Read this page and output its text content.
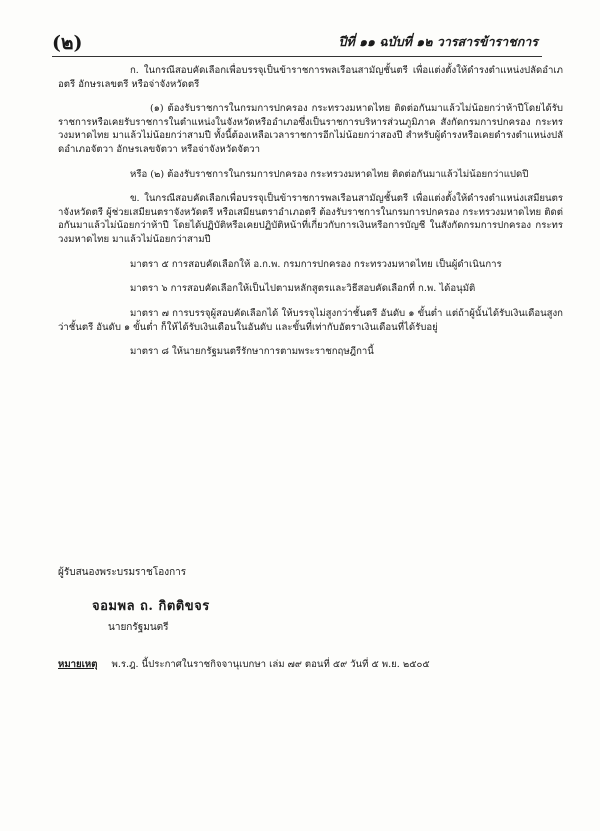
(๒)	ปีที่ ๑๑ ฉบับที่ ๑๒ วารสารข้าราชการ

ก. ในกรณีสอบคัดเลือกเพื่อบรรจุเป็นข้าราชการพลเรือนสามัญชั้นตรี เพื่อแต่งตั้งให้ดำรงตำแหน่งปลัดอำเภอตรี อักษรเลขตรี หรือจ่าจังหวัดตรี

(๑) ต้องรับราชการในกรมการปกครอง กระทรวงมหาดไทย ติดต่อกันมาแล้วไม่น้อยกว่าห้าปีโดยได้รับราชการหรือเคยรับราชการในตำแหน่งในจังหวัดหรืออำเภอซึ่งเป็นราชการบริหารส่วนภูมิภาค สังกัดกรมการปกครอง กระทรวงมหาดไทย มาแล้วไม่น้อยกว่าสามปี ทั้งนี้ต้องเหลือเวลาราชการอีกไม่น้อยกว่าสองปี สำหรับผู้ดำรงหรือเคยดำรงตำแหน่งปลัดอำเภอจัตวา อักษรเลขจัตวา หรือจ่าจังหวัดจัตวา

หรือ (๒) ต้องรับราชการในกรมการปกครอง กระทรวงมหาดไทย ติดต่อกันมาแล้วไม่น้อยกว่าแปดปี

ข. ในกรณีสอบคัดเลือกเพื่อบรรจุเป็นข้าราชการพลเรือนสามัญชั้นตรี เพื่อแต่งตั้งให้ดำรงตำแหน่งเสมียนตราจังหวัดตรี ผู้ช่วยเสมียนตราจังหวัดตรี หรือเสมียนตราอำเภอตรี ต้องรับราชการในกรมการปกครอง กระทรวงมหาดไทย ติดต่อกันมาแล้วไม่น้อยกว่าห้าปี โดยได้ปฏิบัติหรือเคยปฏิบัติหน้าที่เกี่ยวกับการเงินหรือการบัญชี ในสังกัดกรมการปกครอง กระทรวงมหาดไทย มาแล้วไม่น้อยกว่าสามปี

มาตรา ๕ การสอบคัดเลือกให้ อ.ก.พ. กรมการปกครอง กระทรวงมหาดไทย เป็นผู้ดำเนินการ

มาตรา ๖ การสอบคัดเลือกให้เป็นไปตามหลักสูตรและวิธีสอบคัดเลือกที่ ก.พ. ได้อนุมัติ

มาตรา ๗ การบรรจุผู้สอบคัดเลือกได้ ให้บรรจุไม่สูงกว่าชั้นตรี อันดับ ๑ ขั้นต่ำ แต่ถ้าผู้นั้นได้รับเงินเดือนสูงกว่าชั้นตรี อันดับ ๑ ขั้นต่ำ ก็ให้ได้รับเงินเดือนในอันดับ และขั้นที่เท่ากับอัตราเงินเดือนที่ได้รับอยู่

มาตรา ๘ ให้นายกรัฐมนตรีรักษาการตามพระราชกฤษฎีกานี้

ผู้รับสนองพระบรมราชโองการ
จอมพล ถ. กิตติขจร
นายกรัฐมนตรี
หมายเหตุ พ.ร.ฎ. นี้ประกาศในราชกิจจานุเบกษา เล่ม ๗๙ ตอนที่ ๕๙ วันที่ ๕ พ.ย. ๒๕๐๕
